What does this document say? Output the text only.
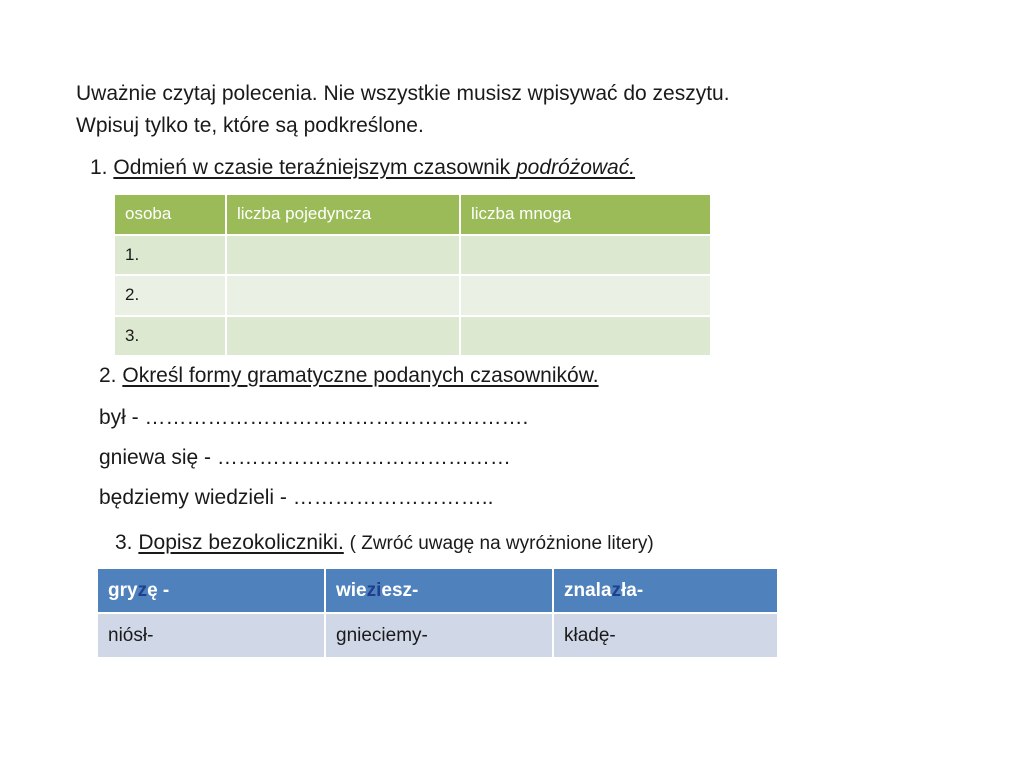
Uważnie czytaj polecenia. Nie wszystkie musisz wpisywać do zeszytu.
Wpisuj tylko te, które są podkreślone.
1. Odmień w czasie teraźniejszym czasownik podróżować.
osoba	liczba pojedyncza	liczba mnoga
1.		
2.		
3.		
2. Określ formy gramatyczne podanych czasowników.
był - ……………………………………………….
gniewa się - ……………………………………
będziemy wiedzieli - ………………………..
3. Dopisz bezokoliczniki. ( Zwróć uwagę na wyróżnione litery)
gryzę -	wieziesz-	znalazła-
niósł-	gnieciemy-	kładę-
